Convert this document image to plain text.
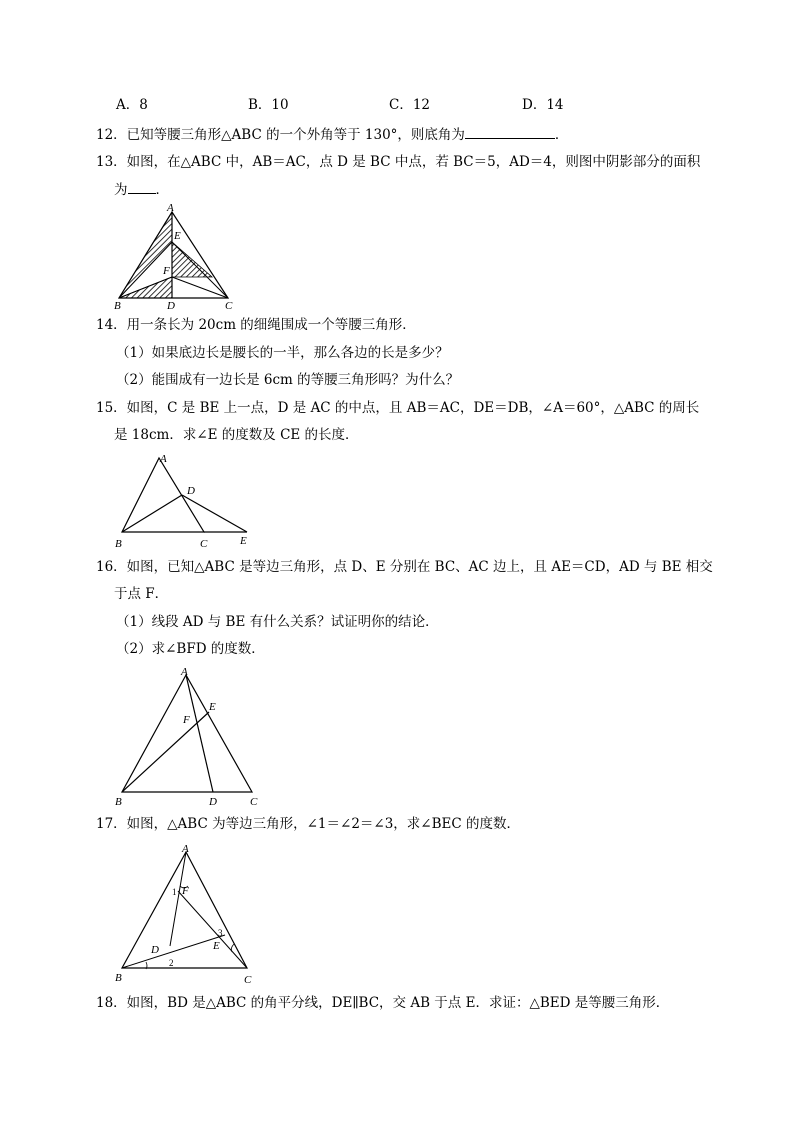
A．8	B．10	C．12	D．14
12．已知等腰三角形△ABC 的一个外角等于 130°，则底角为	．
13．如图，在△ABC 中，AB＝AC，点 D 是 BC 中点，若 BC＝5，AD＝4，则图中阴影部分的面积
为 ．
A
E
F
B	D	C
14．用一条长为 20cm 的细绳围成一个等腰三角形．
（1）如果底边长是腰长的一半，那么各边的长是多少？
（2）能围成有一边长是 6cm 的等腰三角形吗？为什么？
15．如图，C 是 BE 上一点，D 是 AC 的中点，且 AB＝AC，DE＝DB，∠A＝60°，△ABC 的周长
是 18cm．求∠E 的度数及 CE 的长度．
A
D
B	C	E
16．如图，已知△ABC 是等边三角形，点 D、E 分别在 BC、AC 边上，且 AE＝CD，AD 与 BE 相交
于点 F．
（1）线段 AD 与 BE 有什么关系？试证明你的结论．
（2）求∠BFD 的度数．
A
E
F
B	D	C
17．如图，△ABC 为等边三角形，∠1＝∠2＝∠3，求∠BEC 的度数．
A
F
1
3
E
D
2
B	C
18．如图，BD 是△ABC 的角平分线，DE∥BC，交 AB 于点 E．求证：△BED 是等腰三角形．
